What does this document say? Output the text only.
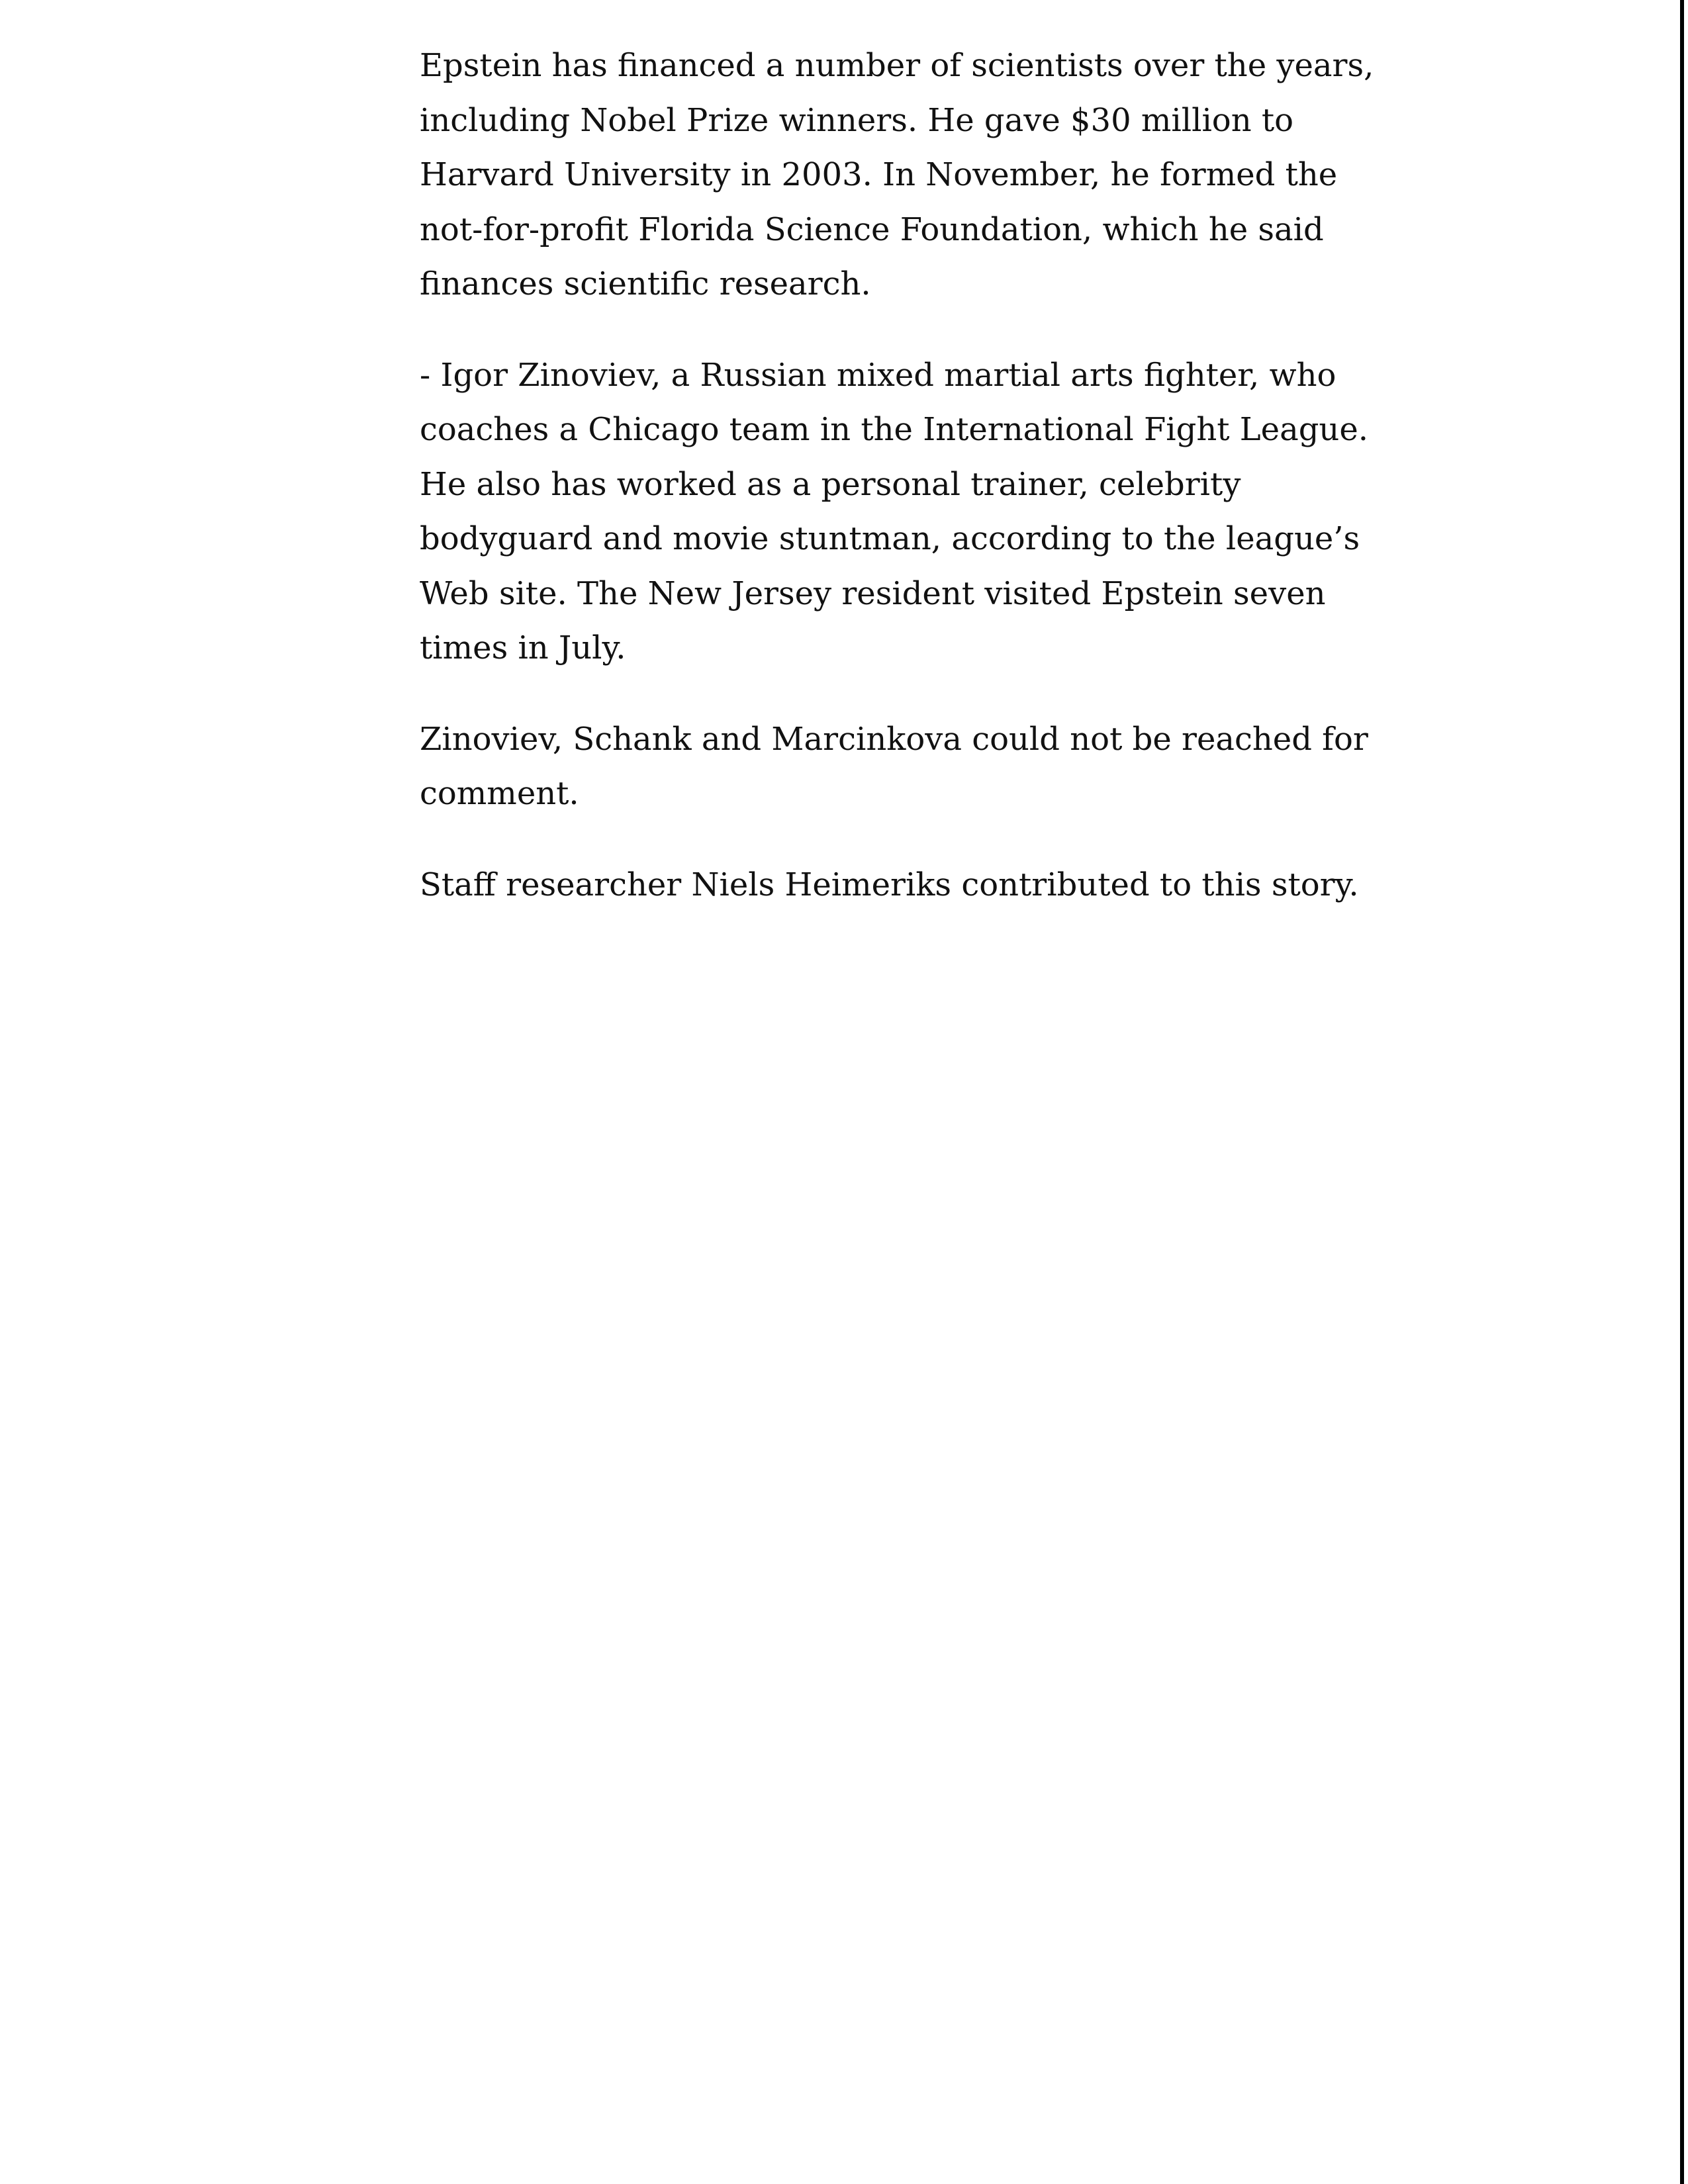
Epstein has financed a number of scientists over the years,
including Nobel Prize winners. He gave $30 million to
Harvard University in 2003. In November, he formed the
not-for-profit Florida Science Foundation, which he said
finances scientific research.

- Igor Zinoviev, a Russian mixed martial arts fighter, who
coaches a Chicago team in the International Fight League.
He also has worked as a personal trainer, celebrity
bodyguard and movie stuntman, according to the league’s
Web site. The New Jersey resident visited Epstein seven
times in July.

Zinoviev, Schank and Marcinkova could not be reached for
comment.

Staff researcher Niels Heimeriks contributed to this story.
